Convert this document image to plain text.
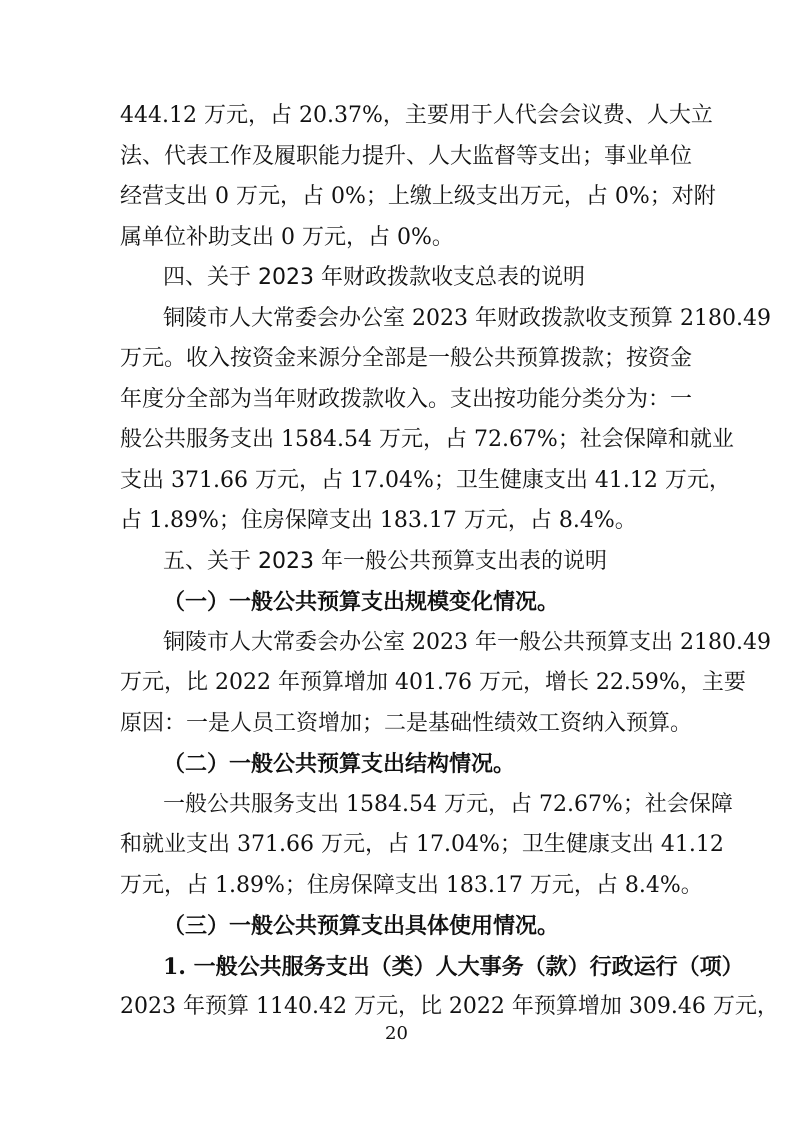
444.12 万元，占 20.37%，主要用于人代会会议费、人大立
法、代表工作及履职能力提升、人大监督等支出；事业单位
经营支出 0 万元，占 0%；上缴上级支出万元，占 0%；对附
属单位补助支出 0 万元，占 0%。
四、关于 2023 年财政拨款收支总表的说明
铜陵市人大常委会办公室 2023 年财政拨款收支预算 2180.49
万元。收入按资金来源分全部是一般公共预算拨款；按资金
年度分全部为当年财政拨款收入。支出按功能分类分为：一
般公共服务支出 1584.54 万元，占 72.67%；社会保障和就业
支出 371.66 万元，占 17.04%；卫生健康支出 41.12 万元，
占 1.89%；住房保障支出 183.17 万元，占 8.4%。
五、关于 2023 年一般公共预算支出表的说明
（一）一般公共预算支出规模变化情况。
铜陵市人大常委会办公室 2023 年一般公共预算支出 2180.49
万元，比 2022 年预算增加 401.76 万元，增长 22.59%，主要
原因：一是人员工资增加；二是基础性绩效工资纳入预算。
（二）一般公共预算支出结构情况。
一般公共服务支出 1584.54 万元，占 72.67%；社会保障
和就业支出 371.66 万元，占 17.04%；卫生健康支出 41.12
万元，占 1.89%；住房保障支出 183.17 万元，占 8.4%。
（三）一般公共预算支出具体使用情况。
1. 一般公共服务支出（类）人大事务（款）行政运行（项）
2023 年预算 1140.42 万元，比 2022 年预算增加 309.46 万元，
20
